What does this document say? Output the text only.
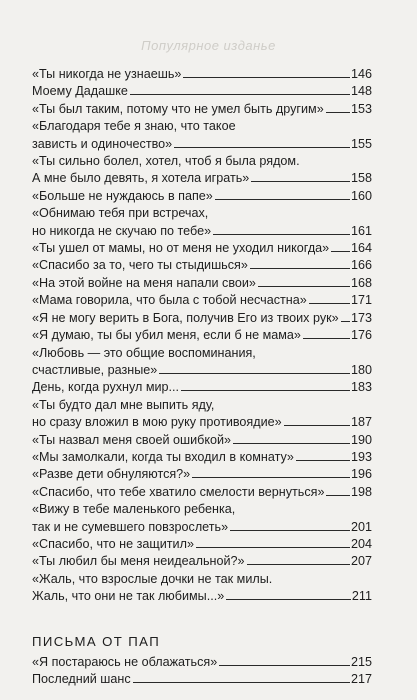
Популярное изданье
«Ты никогда не узнаешь»	146
Моему Дадашке	148
«Ты был таким, потому что не умел быть другим» 153
«Благодаря тебе я знаю, что такое
зависть и одиночество»	155
«Ты сильно болел, хотел, чтоб я была рядом.
А мне было девять, я хотела играть»	158
«Больше не нуждаюсь в папе»	160
«Обнимаю тебя при встречах,
но никогда не скучаю по тебе»	161
«Ты ушел от мамы, но от меня не уходил никогда» 164
«Спасибо за то, чего ты стыдишься»	166
«На этой войне на меня напали свои»	168
«Мама говорила, что была с тобой несчастна»	171
«Я не могу верить в Бога, получив Его из твоих рук» 173
«Я думаю, ты бы убил меня, если б не мама»	176
«Любовь — это общие воспоминания,
счастливые, разные»	180
День, когда рухнул мир...	183
«Ты будто дал мне выпить яду,
но сразу вложил в мою руку противоядие»	187
«Ты назвал меня своей ошибкой»	190
«Мы замолкали, когда ты входил в комнату»	193
«Разве дети обнуляются?»	196
«Спасибо, что тебе хватило смелости вернуться» 198
«Вижу в тебе маленького ребенка,
так и не сумевшего повзрослеть»	201
«Спасибо, что не защитил»	204
«Ты любил бы меня неидеальной?»	207
«Жаль, что взрослые дочки не так милы.
Жаль, что они не так любимы...»	211
ПИСЬМА ОТ ПАП
«Я постараюсь не облажаться»	215
Последний шанс	217
